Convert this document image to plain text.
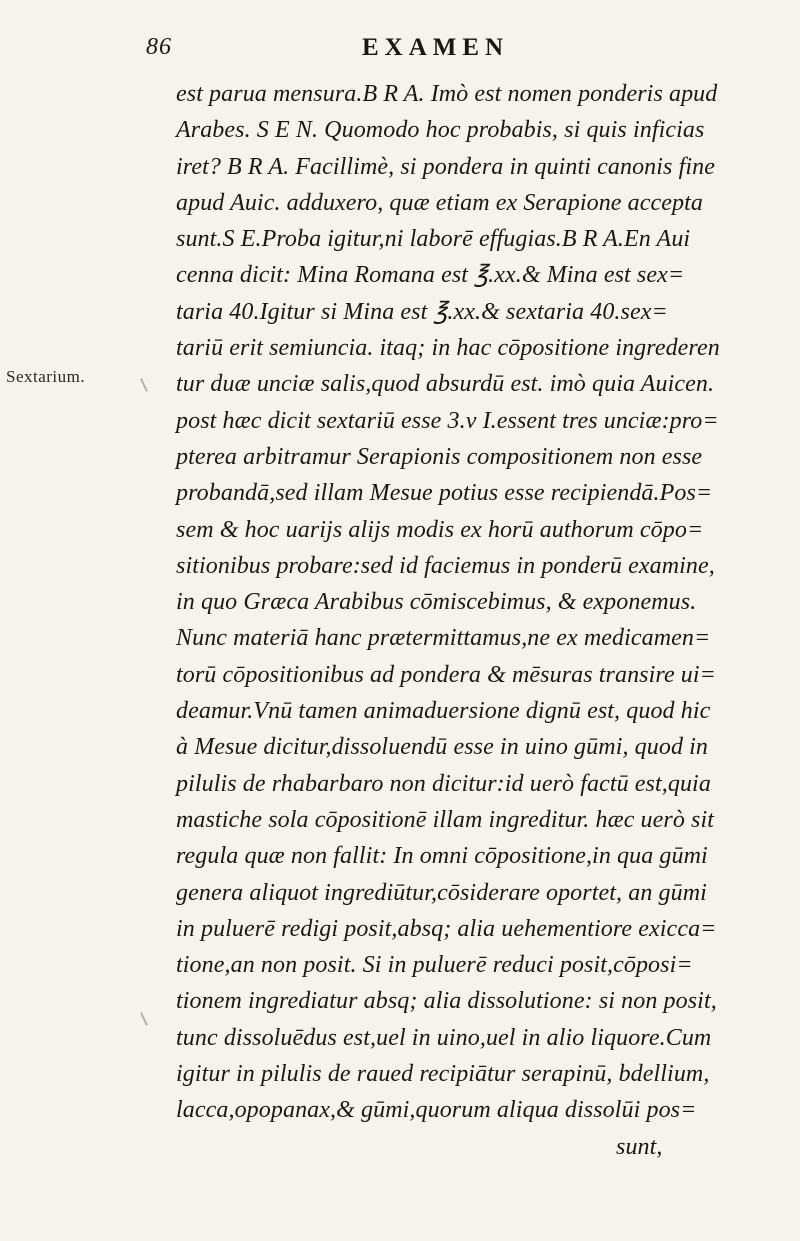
86	EXAMEN
Sextarium.
est parua mensura.B R A. Imò est nomen ponderis apud
Arabes. S E N. Quomodo hoc probabis, si quis inficias
iret? B R A. Facillimè, si pondera in quinti canonis fine
apud Auic. adduxero, quæ etiam ex Serapione accepta
sunt.S E.Proba igitur,ni laborē effugias.B R A.En Aui
cenna dicit: Mina Romana est ℥.xx.& Mina est sex=
taria 40.Igitur si Mina est ℥.xx.& sextaria 40.sex=
tariū erit semiuncia. itaq; in hac cōpositione ingrederen
tur duæ unciæ salis,quod absurdū est. imò quia Auicen.
post hæc dicit sextariū esse 3.v I.essent tres unciæ:pro=
pterea arbitramur Serapionis compositionem non esse
probandā,sed illam Mesue potius esse recipiendā.Pos=
sem & hoc uarijs alijs modis ex horū authorum cōpo=
sitionibus probare:sed id faciemus in ponderū examine,
in quo Græca Arabibus cōmiscebimus, & exponemus.
Nunc materiā hanc prætermittamus,ne ex medicamen=
torū cōpositionibus ad pondera & mēsuras transire ui=
deamur.Vnū tamen animaduersione dignū est, quod hic
à Mesue dicitur,dissoluendū esse in uino gūmi, quod in
pilulis de rhabarbaro non dicitur:id uerò factū est,quia
mastiche sola cōpositionē illam ingreditur. hæc uerò sit
regula quæ non fallit: In omni cōpositione,in qua gūmi
genera aliquot ingrediūtur,cōsiderare oportet, an gūmi
in puluerē redigi posit,absq; alia uehementiore exicca=
tione,an non posit. Si in puluerē reduci posit,cōposi=
tionem ingrediatur absq; alia dissolutione: si non posit,
tunc dissoluēdus est,uel in uino,uel in alio liquore.Cum
igitur in pilulis de raued recipiātur serapinū, bdellium,
lacca,opopanax,& gūmi,quorum aliqua dissolūi pos=
sunt,
